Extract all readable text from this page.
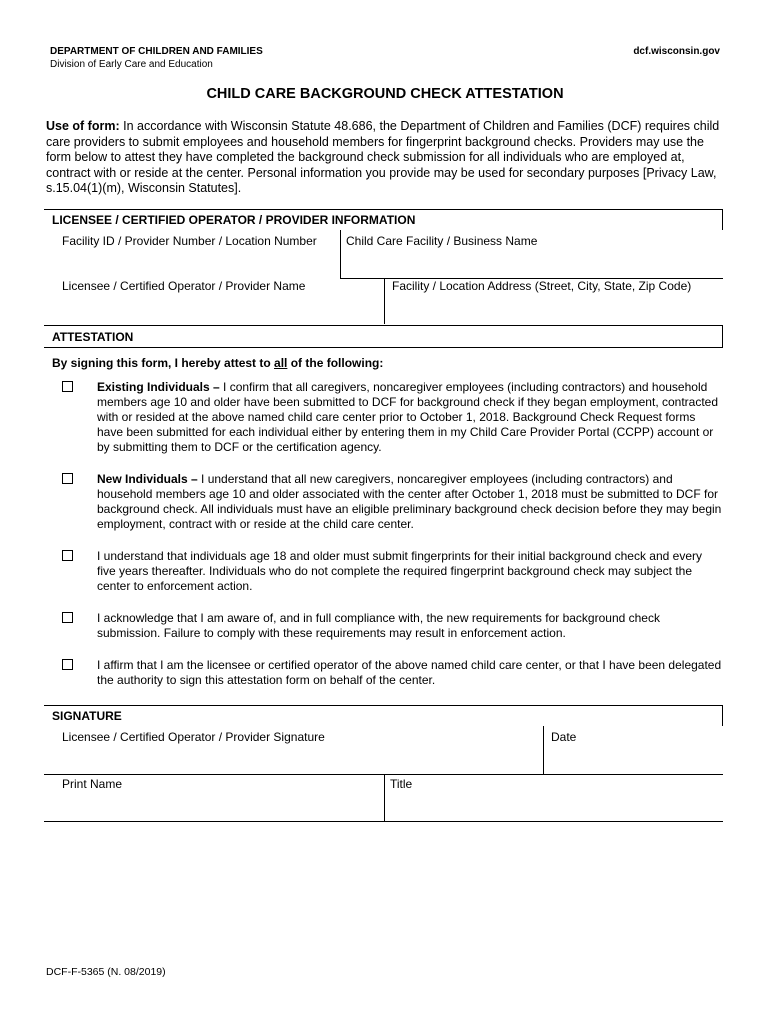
DEPARTMENT OF CHILDREN AND FAMILIES
Division of Early Care and Education
dcf.wisconsin.gov
CHILD CARE BACKGROUND CHECK ATTESTATION
Use of form: In accordance with Wisconsin Statute 48.686, the Department of Children and Families (DCF) requires child care providers to submit employees and household members for fingerprint background checks. Providers may use the form below to attest they have completed the background check submission for all individuals who are employed at, contract with or reside at the center. Personal information you provide may be used for secondary purposes [Privacy Law, s.15.04(1)(m), Wisconsin Statutes].
LICENSEE / CERTIFIED OPERATOR / PROVIDER INFORMATION
Facility ID / Provider Number / Location Number	Child Care Facility / Business Name
Licensee / Certified Operator / Provider Name	Facility / Location Address (Street, City, State, Zip Code)
ATTESTATION
By signing this form, I hereby attest to all of the following:
Existing Individuals – I confirm that all caregivers, noncaregiver employees (including contractors) and household members age 10 and older have been submitted to DCF for background check if they began employment, contracted with or resided at the above named child care center prior to October 1, 2018. Background Check Request forms have been submitted for each individual either by entering them in my Child Care Provider Portal (CCPP) account or by submitting them to DCF or the certification agency.
New Individuals – I understand that all new caregivers, noncaregiver employees (including contractors) and household members age 10 and older associated with the center after October 1, 2018 must be submitted to DCF for background check. All individuals must have an eligible preliminary background check decision before they may begin employment, contract with or reside at the child care center.
I understand that individuals age 18 and older must submit fingerprints for their initial background check and every five years thereafter. Individuals who do not complete the required fingerprint background check may subject the center to enforcement action.
I acknowledge that I am aware of, and in full compliance with, the new requirements for background check submission. Failure to comply with these requirements may result in enforcement action.
I affirm that I am the licensee or certified operator of the above named child care center, or that I have been delegated the authority to sign this attestation form on behalf of the center.
SIGNATURE
Licensee / Certified Operator / Provider Signature	Date
Print Name	Title
DCF-F-5365 (N. 08/2019)
